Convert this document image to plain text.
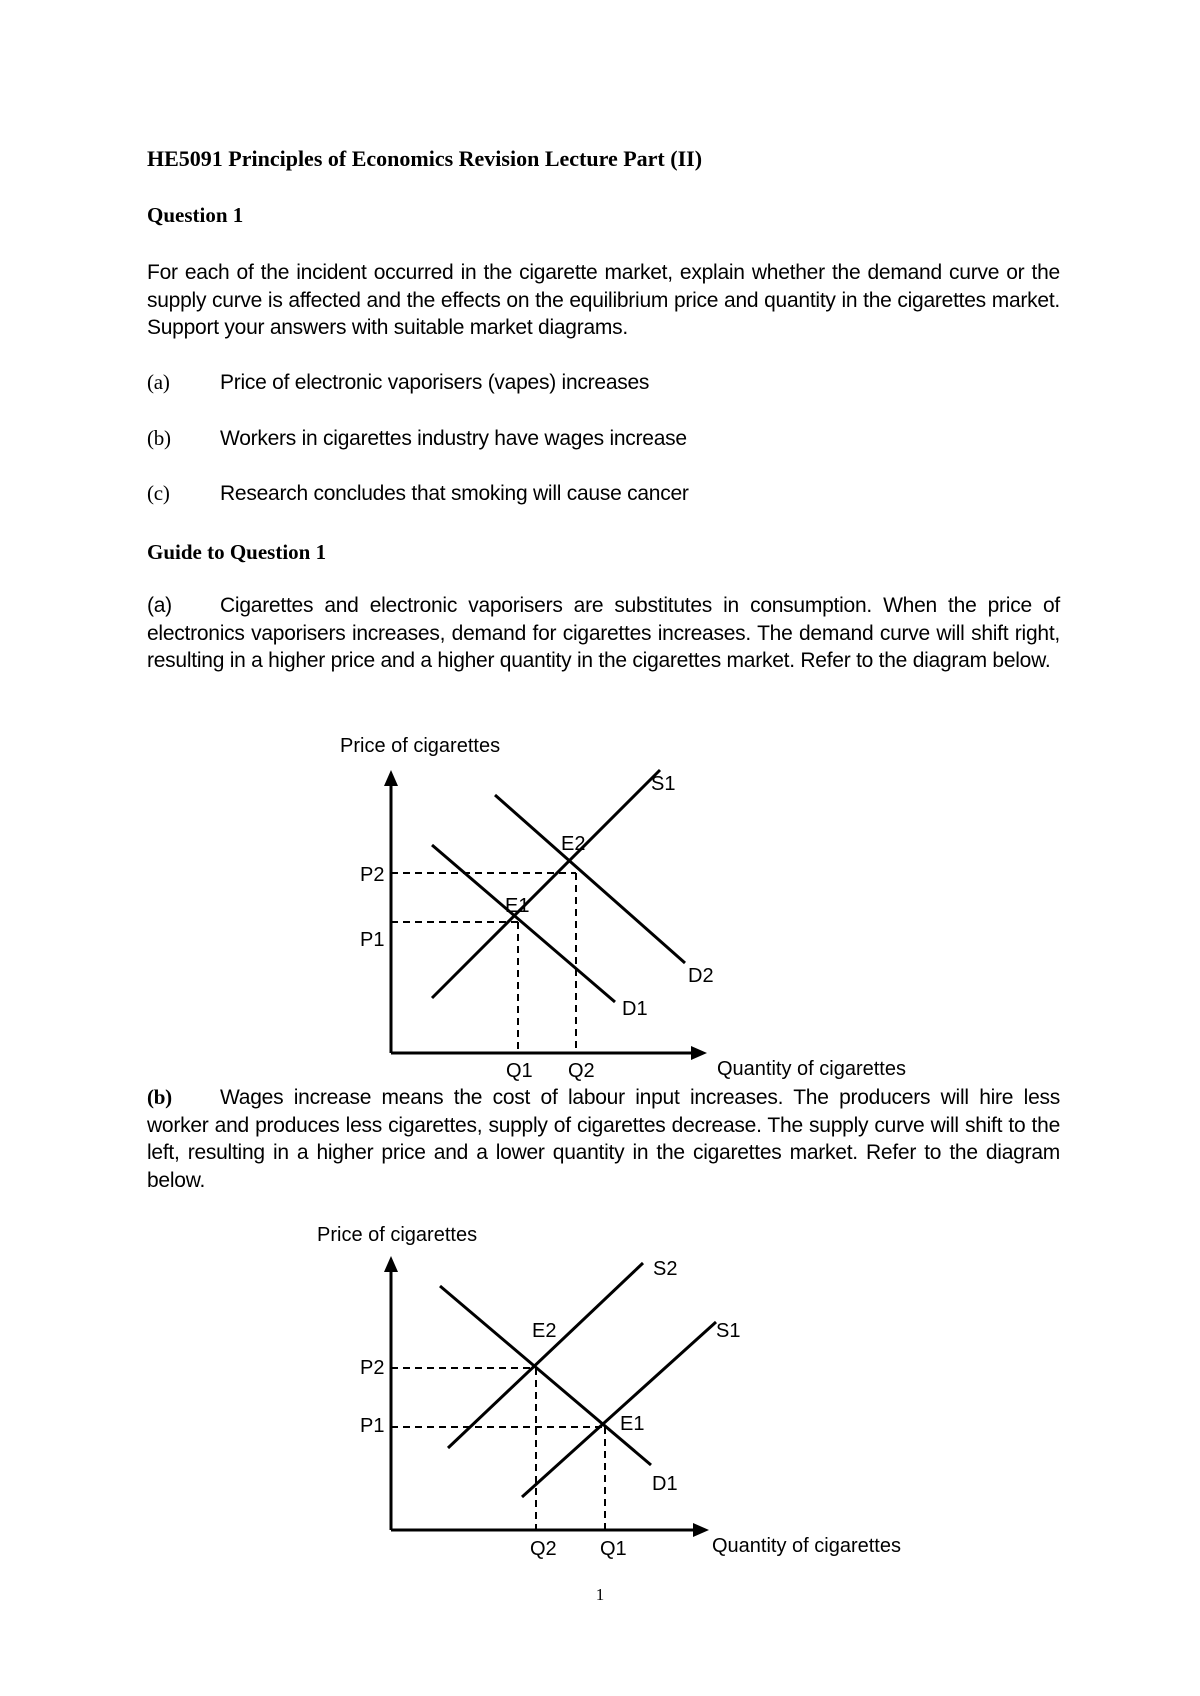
HE5091 Principles of Economics Revision Lecture Part (II)
Question 1
For each of the incident occurred in the cigarette market, explain whether the demand curve or the supply curve is affected and the effects on the equilibrium price and quantity in the cigarettes market. Support your answers with suitable market diagrams.
(a) Price of electronic vaporisers (vapes) increases
(b) Workers in cigarettes industry have wages increase
(c) Research concludes that smoking will cause cancer
Guide to Question 1
(a) Cigarettes and electronic vaporisers are substitutes in consumption. When the price of electronics vaporisers increases, demand for cigarettes increases. The demand curve will shift right, resulting in a higher price and a higher quantity in the cigarettes market. Refer to the diagram below.
Price of cigarettes
Quantity of cigarettes
S1
E2
E1
P2
P1
D2
D1
Q1 Q2
(b) Wages increase means the cost of labour input increases. The producers will hire less worker and produces less cigarettes, supply of cigarettes decrease. The supply curve will shift to the left, resulting in a higher price and a lower quantity in the cigarettes market. Refer to the diagram below.
Price of cigarettes
Quantity of cigarettes
S2
S1
E2
E1
P2
P1
D1
Q2 Q1
1
